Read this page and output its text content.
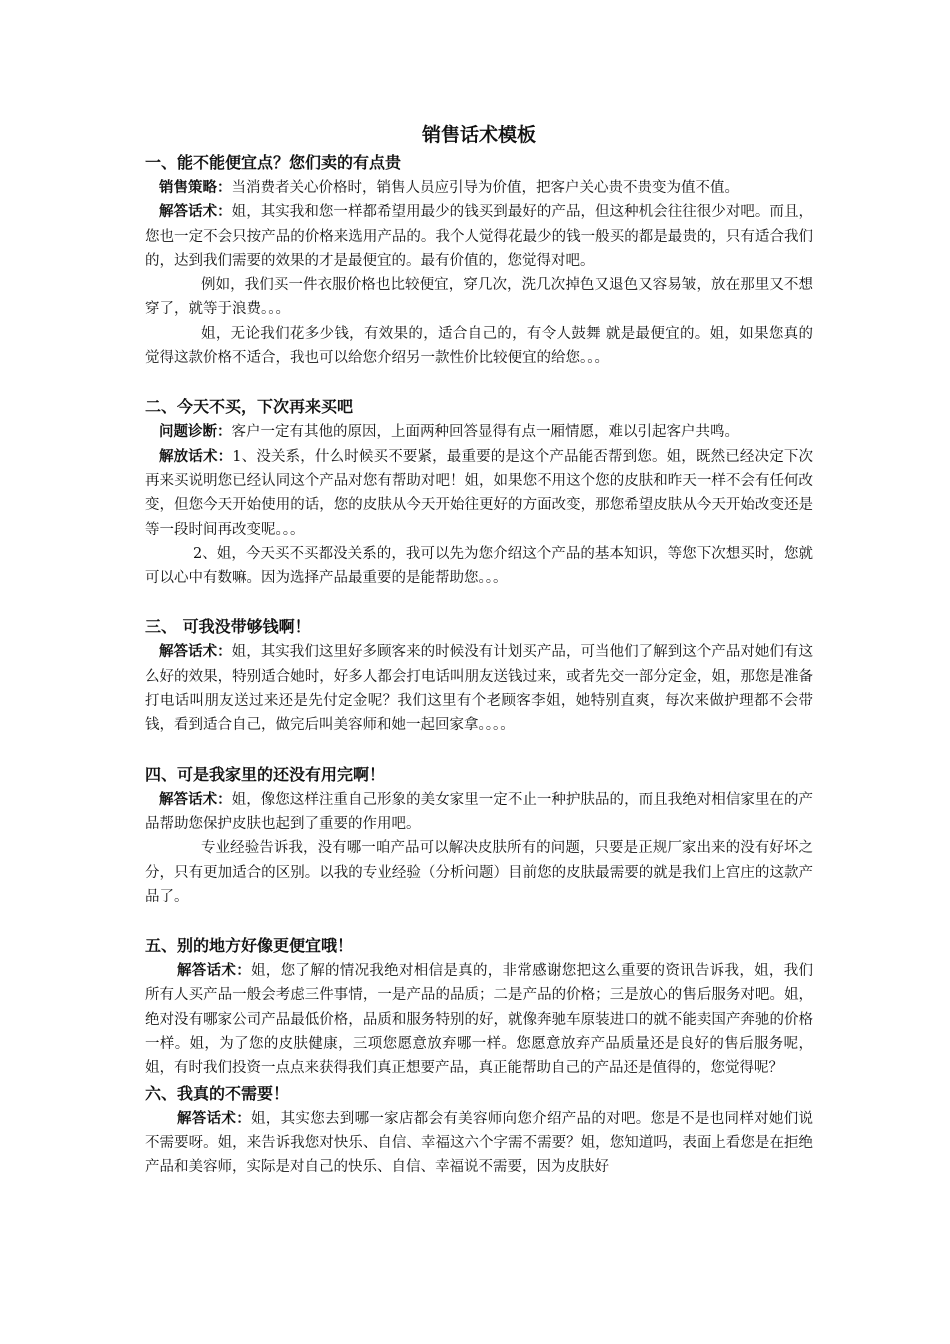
销售话术模板

一、能不能便宜点？您们卖的有点贵

销售策略：当消费者关心价格时，销售人员应引导为价值，把客户关心贵不贵变为值不值。

解答话术：姐，其实我和您一样都希望用最少的钱买到最好的产品，但这种机会往往很少对吧。而且，您也一定不会只按产品的价格来选用产品的。我个人觉得花最少的钱一般买的都是最贵的，只有适合我们的，达到我们需要的效果的才是最便宜的。最有价值的，您觉得对吧。

例如，我们买一件衣服价格也比较便宜，穿几次，洗几次掉色又退色又容易皱，放在那里又不想穿了，就等于浪费。。。

姐，无论我们花多少钱，有效果的，适合自己的，有令人鼓舞 就是最便宜的。姐，如果您真的觉得这款价格不适合，我也可以给您介绍另一款性价比较便宜的给您。。。

二、今天不买，下次再来买吧

问题诊断：客户一定有其他的原因，上面两种回答显得有点一厢情愿，难以引起客户共鸣。

解放话术：1、没关系，什么时候买不要紧，最重要的是这个产品能否帮到您。姐，既然已经决定下次再来买说明您已经认同这个产品对您有帮助对吧！姐，如果您不用这个您的皮肤和昨天一样不会有任何改变，但您今天开始使用的话，您的皮肤从今天开始往更好的方面改变，那您希望皮肤从今天开始改变还是等一段时间再改变呢。。。

2、姐，今天买不买都没关系的，我可以先为您介绍这个产品的基本知识，等您下次想买时，您就可以心中有数嘛。因为选择产品最重要的是能帮助您。。。

三、 可我没带够钱啊！

解答话术：姐，其实我们这里好多顾客来的时候没有计划买产品，可当他们了解到这个产品对她们有这么好的效果，特别适合她时，好多人都会打电话叫朋友送钱过来，或者先交一部分定金，姐，那您是准备打电话叫朋友送过来还是先付定金呢？我们这里有个老顾客李姐，她特别直爽，每次来做护理都不会带钱，看到适合自己，做完后叫美容师和她一起回家拿。。。。

四、可是我家里的还没有用完啊！

解答话术：姐，像您这样注重自己形象的美女家里一定不止一种护肤品的，而且我绝对相信家里在的产品帮助您保护皮肤也起到了重要的作用吧。

专业经验告诉我，没有哪一咱产品可以解决皮肤所有的问题，只要是正规厂家出来的没有好坏之分，只有更加适合的区别。以我的专业经验（分析问题）目前您的皮肤最需要的就是我们上宫庄的这款产品了。

五、别的地方好像更便宜哦！

解答话术：姐，您了解的情况我绝对相信是真的，非常感谢您把这么重要的资讯告诉我，姐，我们所有人买产品一般会考虑三件事情，一是产品的品质；二是产品的价格；三是放心的售后服务对吧。姐，绝对没有哪家公司产品最低价格，品质和服务特别的好，就像奔驰车原装进口的就不能卖国产奔驰的价格一样。姐，为了您的皮肤健康，三项您愿意放弃哪一样。您愿意放弃产品质量还是良好的售后服务呢，姐，有时我们投资一点点来获得我们真正想要产品，真正能帮助自己的产品还是值得的，您觉得呢？

六、我真的不需要！

解答话术：姐，其实您去到哪一家店都会有美容师向您介绍产品的对吧。您是不是也同样对她们说不需要呀。姐，来告诉我您对快乐、自信、幸福这六个字需不需要？姐，您知道吗，表面上看您是在拒绝产品和美容师，实际是对自己的快乐、自信、幸福说不需要，因为皮肤好
